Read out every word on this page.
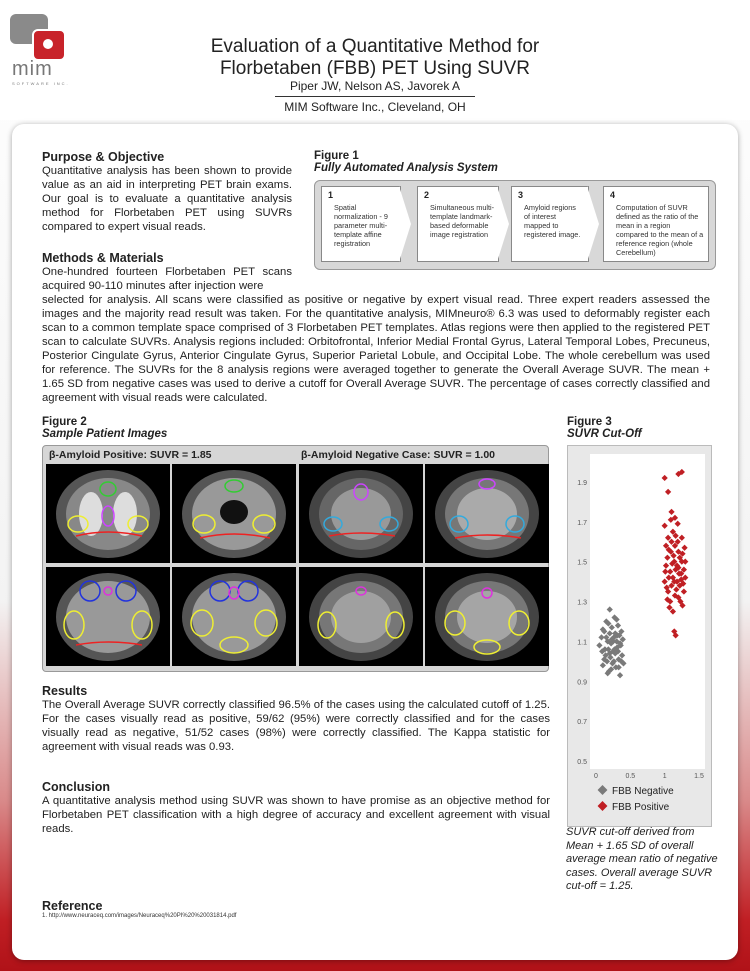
mim
SOFTWARE INC.
Evaluation of a Quantitative Method for
Florbetaben (FBB) PET Using SUVR
Piper JW, Nelson AS, Javorek A
MIM Software Inc., Cleveland, OH
Purpose & Objective

Quantitative analysis has been shown to provide value as an aid in interpreting PET brain exams. Our goal is to evaluate a quantitative analysis method for Florbetaben PET using SUVRs compared to expert visual reads.

Methods & Materials

One-hundred fourteen Florbetaben PET scans acquired 90-110 minutes after injection were

selected for analysis. All scans were classified as positive or negative by expert visual read. Three expert readers assessed the images and the majority read result was taken. For the quantitative analysis, MIMneuro® 6.3 was used to deformably register each scan to a common template space comprised of 3 Florbetaben PET templates. Atlas regions were then applied to the registered PET scan to calculate SUVRs. Analysis regions included: Orbitofrontal, Inferior Medial Frontal Gyrus, Lateral Temporal Lobes, Precuneus, Posterior Cingulate Gyrus, Anterior Cingulate Gyrus, Superior Parietal Lobule, and Occipital Lobe. The whole cerebellum was used for reference. The SUVRs for the 8 analysis regions were averaged together to generate the Overall Average SUVR. The mean + 1.65 SD from negative cases was used to derive a cutoff for Overall Average SUVR. The percentage of cases correctly classified and agreement with visual reads were calculated.

Figure 1
Fully Automated Analysis System
1
Spatial normalization - 9 parameter multi-template affine registration
2
Simultaneous multi-template landmark-based deformable image registration
3
Amyloid regions of interest mapped to registered image.
4
Computation of SUVR defined as the ratio of the mean in a region compared to the mean of a reference region (whole Cerebellum)
Figure 2
Sample Patient Images
β-Amyloid Positive: SUVR = 1.85	β-Amyloid Negative Case: SUVR = 1.00
Figure 3
SUVR Cut-Off
0.5
0.7
0.9
1.1
1.3
1.5
1.7
1.9
0	0.5	1	1.5
FBB Negative
FBB Positive
SUVR cut-off derived from Mean + 1.65 SD of overall average mean ratio of negative cases. Overall average SUVR cut-off = 1.25.
Results

The Overall Average SUVR correctly classified 96.5% of the cases using the calculated cutoff of 1.25. For the cases visually read as positive, 59/62 (95%) were correctly classified and for the cases visually read as negative, 51/52 cases (98%) were correctly classified. The Kappa statistic for agreement with visual reads was 0.93.

Conclusion

A quantitative analysis method using SUVR was shown to have promise as an objective method for Florbetaben PET classification with a high degree of accuracy and excellent agreement with visual reads.

Reference
1. http://www.neuraceq.com/images/Neuraceq%20PI%20%20031814.pdf
